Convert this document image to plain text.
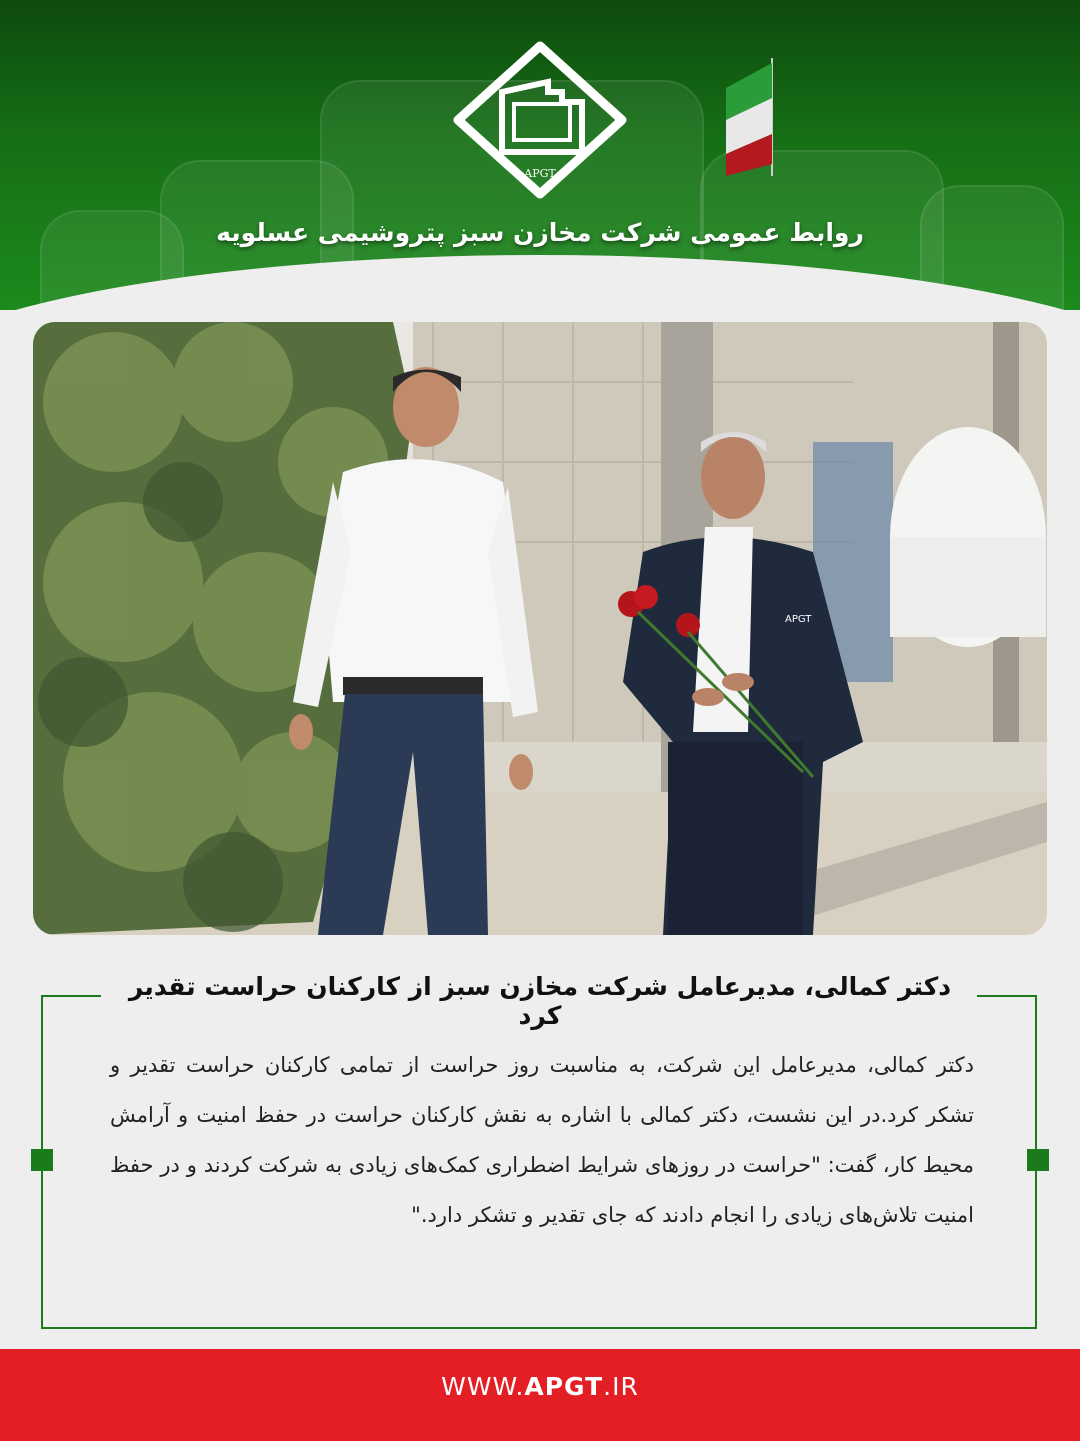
APGT
روابط عمومی شرکت مخازن سبز پتروشیمی عسلویه
APGT
دکتر کمالی، مدیرعامل شرکت مخازن سبز از کارکنان حراست تقدیر کرد
دکتر کمالی، مدیرعامل این شرکت، به مناسبت روز حراست از تمامی کارکنان حراست تقدیر و تشکر کرد.در این نشست، دکتر کمالی با اشاره به نقش کارکنان حراست در حفظ امنیت و آرامش محیط کار، گفت: "حراست در روزهای شرایط اضطراری کمک‌های زیادی به شرکت کردند و در حفظ امنیت تلاش‌های زیادی را انجام دادند که جای تقدیر و تشکر دارد."
WWW.APGT.IR
